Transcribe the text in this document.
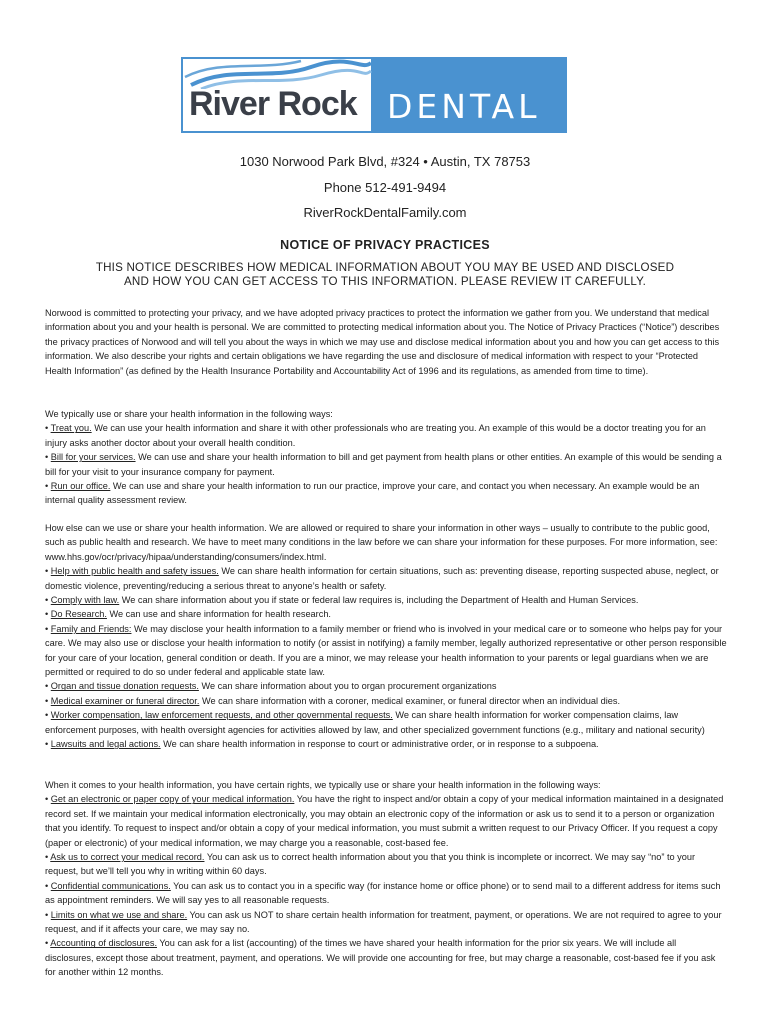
River Rock DENTAL
1030 Norwood Park Blvd, #324 • Austin, TX 78753
Phone 512-491-9494
RiverRockDentalFamily.com
NOTICE OF PRIVACY PRACTICES
THIS NOTICE DESCRIBES HOW MEDICAL INFORMATION ABOUT YOU MAY BE USED AND DISCLOSED
AND HOW YOU CAN GET ACCESS TO THIS INFORMATION. PLEASE REVIEW IT CAREFULLY.

Norwood is committed to protecting your privacy, and we have adopted privacy practices to protect the information we gather from you. We understand that medical information about you and your health is personal. We are committed to protecting medical information about you. The Notice of Privacy Practices (“Notice”) describes the privacy practices of Norwood and will tell you about the ways in which we may use and disclose medical information about you and how you can get access to this information. We also describe your rights and certain obligations we have regarding the use and disclosure of medical information with respect to your “Protected Health Information” (as defined by the Health Insurance Portability and Accountability Act of 1996 and its regulations, as amended from time to time).

We typically use or share your health information in the following ways:

• Treat you. We can use your health information and share it with other professionals who are treating you. An example of this would be a doctor treating you for an injury asks another doctor about your overall health condition.

• Bill for your services. We can use and share your health information to bill and get payment from health plans or other entities. An example of this would be sending a bill for your visit to your insurance company for payment.

• Run our office. We can use and share your health information to run our practice, improve your care, and contact you when necessary. An example would be an internal quality assessment review.

How else can we use or share your health information. We are allowed or required to share your information in other ways – usually to contribute to the public good, such as public health and research. We have to meet many conditions in the law before we can share your information for these purposes. For more information, see: www.hhs.gov/ocr/privacy/hipaa/understanding/consumers/index.html.

• Help with public health and safety issues. We can share health information for certain situations, such as: preventing disease, reporting suspected abuse, neglect, or domestic violence, preventing/reducing a serious threat to anyone’s health or safety.

• Comply with law. We can share information about you if state or federal law requires is, including the Department of Health and Human Services.

• Do Research. We can use and share information for health research.

• Family and Friends: We may disclose your health information to a family member or friend who is involved in your medical care or to someone who helps pay for your care. We may also use or disclose your health information to notify (or assist in notifying) a family member, legally authorized representative or other person responsible for your care of your location, general condition or death. If you are a minor, we may release your health information to your parents or legal guardians when we are permitted or required to do so under federal and applicable state law.

• Organ and tissue donation requests. We can share information about you to organ procurement organizations

• Medical examiner or funeral director. We can share information with a coroner, medical examiner, or funeral director when an individual dies.

• Worker compensation, law enforcement requests, and other governmental requests. We can share health information for worker compensation claims, law enforcement purposes, with health oversight agencies for activities allowed by law, and other specialized government functions (e.g., military and national security)

• Lawsuits and legal actions. We can share health information in response to court or administrative order, or in response to a subpoena.

When it comes to your health information, you have certain rights, we typically use or share your health information in the following ways:

• Get an electronic or paper copy of your medical information. You have the right to inspect and/or obtain a copy of your medical information maintained in a designated record set. If we maintain your medical information electronically, you may obtain an electronic copy of the information or ask us to send it to a person or organization that you identify. To request to inspect and/or obtain a copy of your medical information, you must submit a written request to our Privacy Officer. If you request a copy (paper or electronic) of your medical information, we may charge you a reasonable, cost-based fee.

• Ask us to correct your medical record. You can ask us to correct health information about you that you think is incomplete or incorrect. We may say “no” to your request, but we’ll tell you why in writing within 60 days.

• Confidential communications. You can ask us to contact you in a specific way (for instance home or office phone) or to send mail to a different address for items such as appointment reminders. We will say yes to all reasonable requests.

• Limits on what we use and share. You can ask us NOT to share certain health information for treatment, payment, or operations. We are not required to agree to your request, and if it affects your care, we may say no.

• Accounting of disclosures. You can ask for a list (accounting) of the times we have shared your health information for the prior six years. We will include all disclosures, except those about treatment, payment, and operations. We will provide one accounting for free, but may charge a reasonable, cost-based fee if you ask for another within 12 months.
